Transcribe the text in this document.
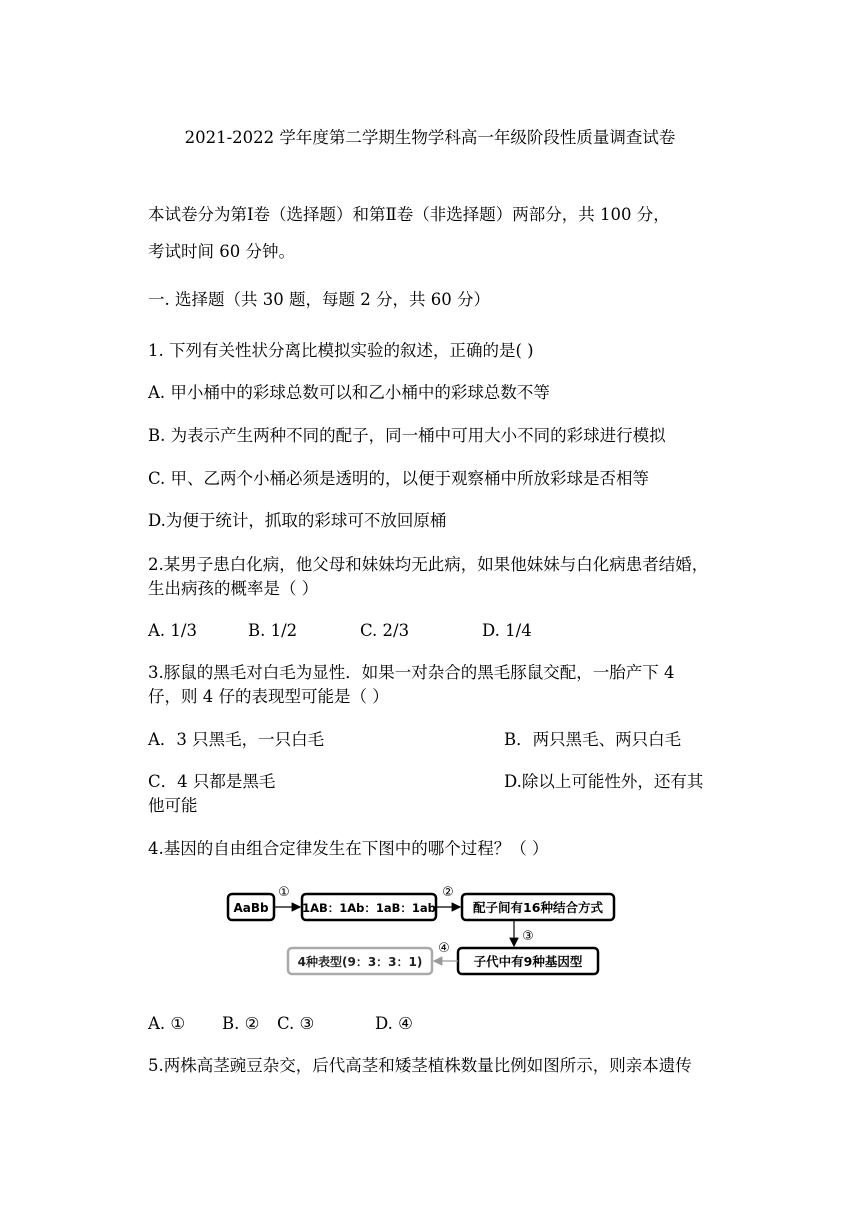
2021-2022 学年度第二学期生物学科高一年级阶段性质量调查试卷
本试卷分为第Ⅰ卷（选择题）和第Ⅱ卷（非选择题）两部分，共 100 分，
考试时间 60 分钟。
一. 选择题（共 30 题，每题 2 分，共 60 分）
1. 下列有关性状分离比模拟实验的叙述，正确的是( )
A. 甲小桶中的彩球总数可以和乙小桶中的彩球总数不等
B. 为表示产生两种不同的配子，同一桶中可用大小不同的彩球进行模拟
C. 甲、乙两个小桶必须是透明的，以便于观察桶中所放彩球是否相等
D.为便于统计，抓取的彩球可不放回原桶
2.某男子患白化病，他父母和妹妹均无此病，如果他妹妹与白化病患者结婚，
生出病孩的概率是（ ）
A. 1/3	B. 1/2	C. 2/3	D. 1/4
3.豚鼠的黑毛对白毛为显性．如果一对杂合的黑毛豚鼠交配，一胎产下 4
仔，则 4 仔的表现型可能是（ ）
A．3 只黑毛，一只白毛	B．两只黑毛、两只白毛
C．4 只都是黑毛	D.除以上可能性外，还有其
他可能
4.基因的自由组合定律发生在下图中的哪个过程？（ ）
AaBb
①
1AB：1Ab：1aB：1ab
②
配子间有16种结合方式
③
子代中有9种基因型
④
4种表型(9：3：3：1)
A. ① B. ② C. ③	D. ④
5.两株高茎豌豆杂交，后代高茎和矮茎植株数量比例如图所示，则亲本遗传
